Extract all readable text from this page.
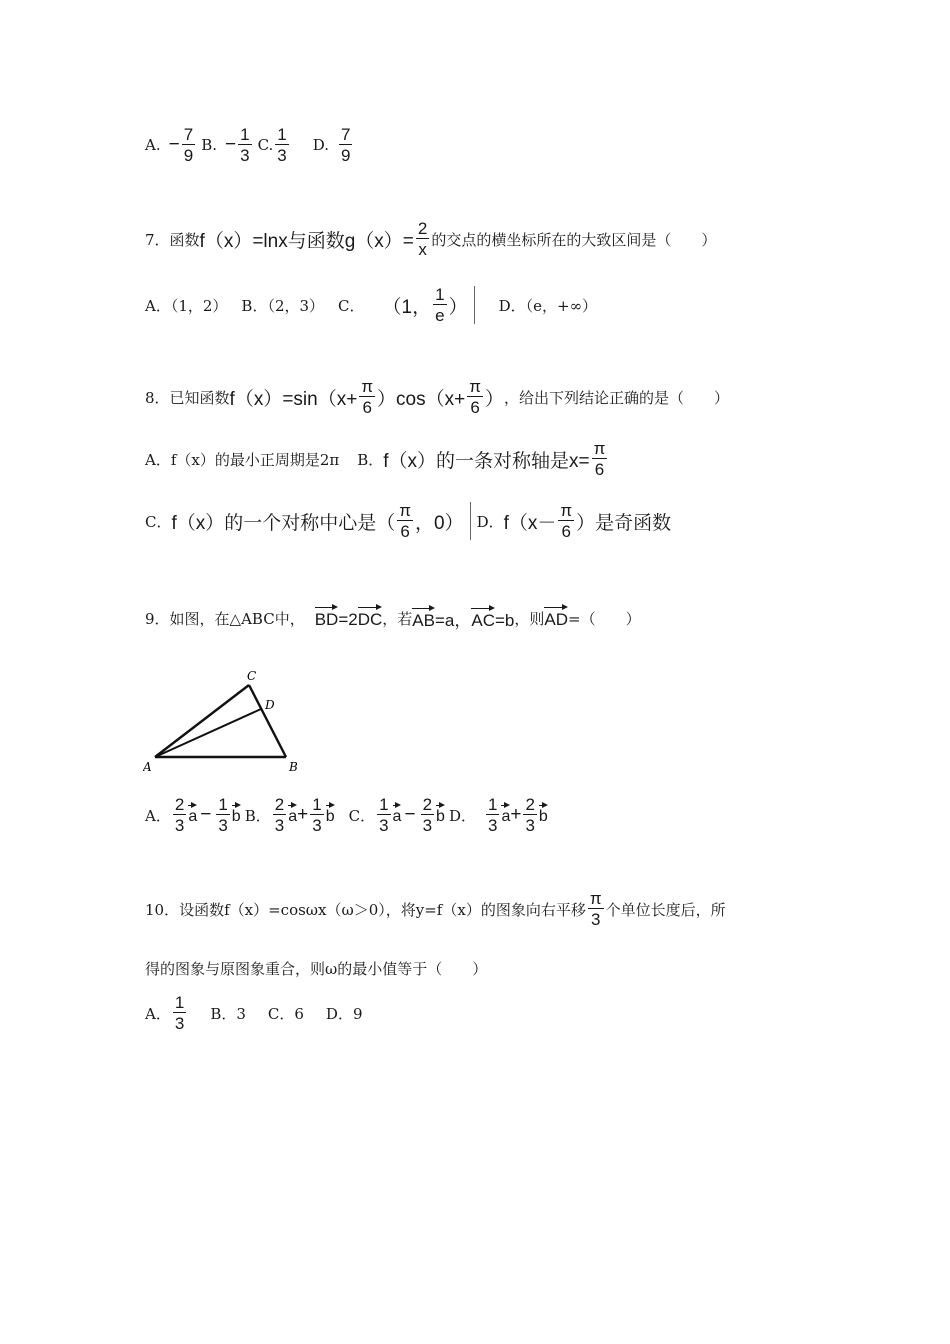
A. − $\frac{7}{9} B$. − $\frac{1}{3} C$. $\frac{1}{3} D$. $\frac{7}{9}$
7．函数 f（x）=lnx与函数$g(x)= \frac{2}{x}$ 的交点的横坐标所在的大致区间是（　　）
A．（1，2） B．（2，3） C． （1， $\frac{1}{e}$ ） D．（e，+∞）
8．已知函数 $f(x)=\sin(x+ \frac{\pi}{6} )\cos(x+ \frac{\pi}{6}$ ） ，给出下列结论正确的是（　　）
A．f（x）的最小正周期是2π B． f（x）的一条对称轴是$x= \frac{\pi}{6}$
C． f（x）的一个对称中心是（ $\frac{\pi}{6}$ ，0） D． $f(x- \frac{\pi}{6}$ ）是奇函数
9．如图，在△ABC中， BD=2DC ，若 AB=a，AC=b ，则 AD =（　　）
A	B
C
D
A． $\frac{2}{3}$ $a - \frac{1}{3}$ b B． $\frac{2}{3}$ $a + \frac{1}{3}$ b C． $\frac{1}{3}$ $a - \frac{2}{3}$ b D． $\frac{1}{3}$ $a + \frac{2}{3}$ b
10．设函数f（x）=cosωx（ω＞0），将y=f（x）的图象向右平移 $\frac{\pi}{3}$ 个单位长度后，所
得的图象与原图象重合，则ω的最小值等于（　　）
A． $\frac{1}{3}$ B．3 C．6 D．9
